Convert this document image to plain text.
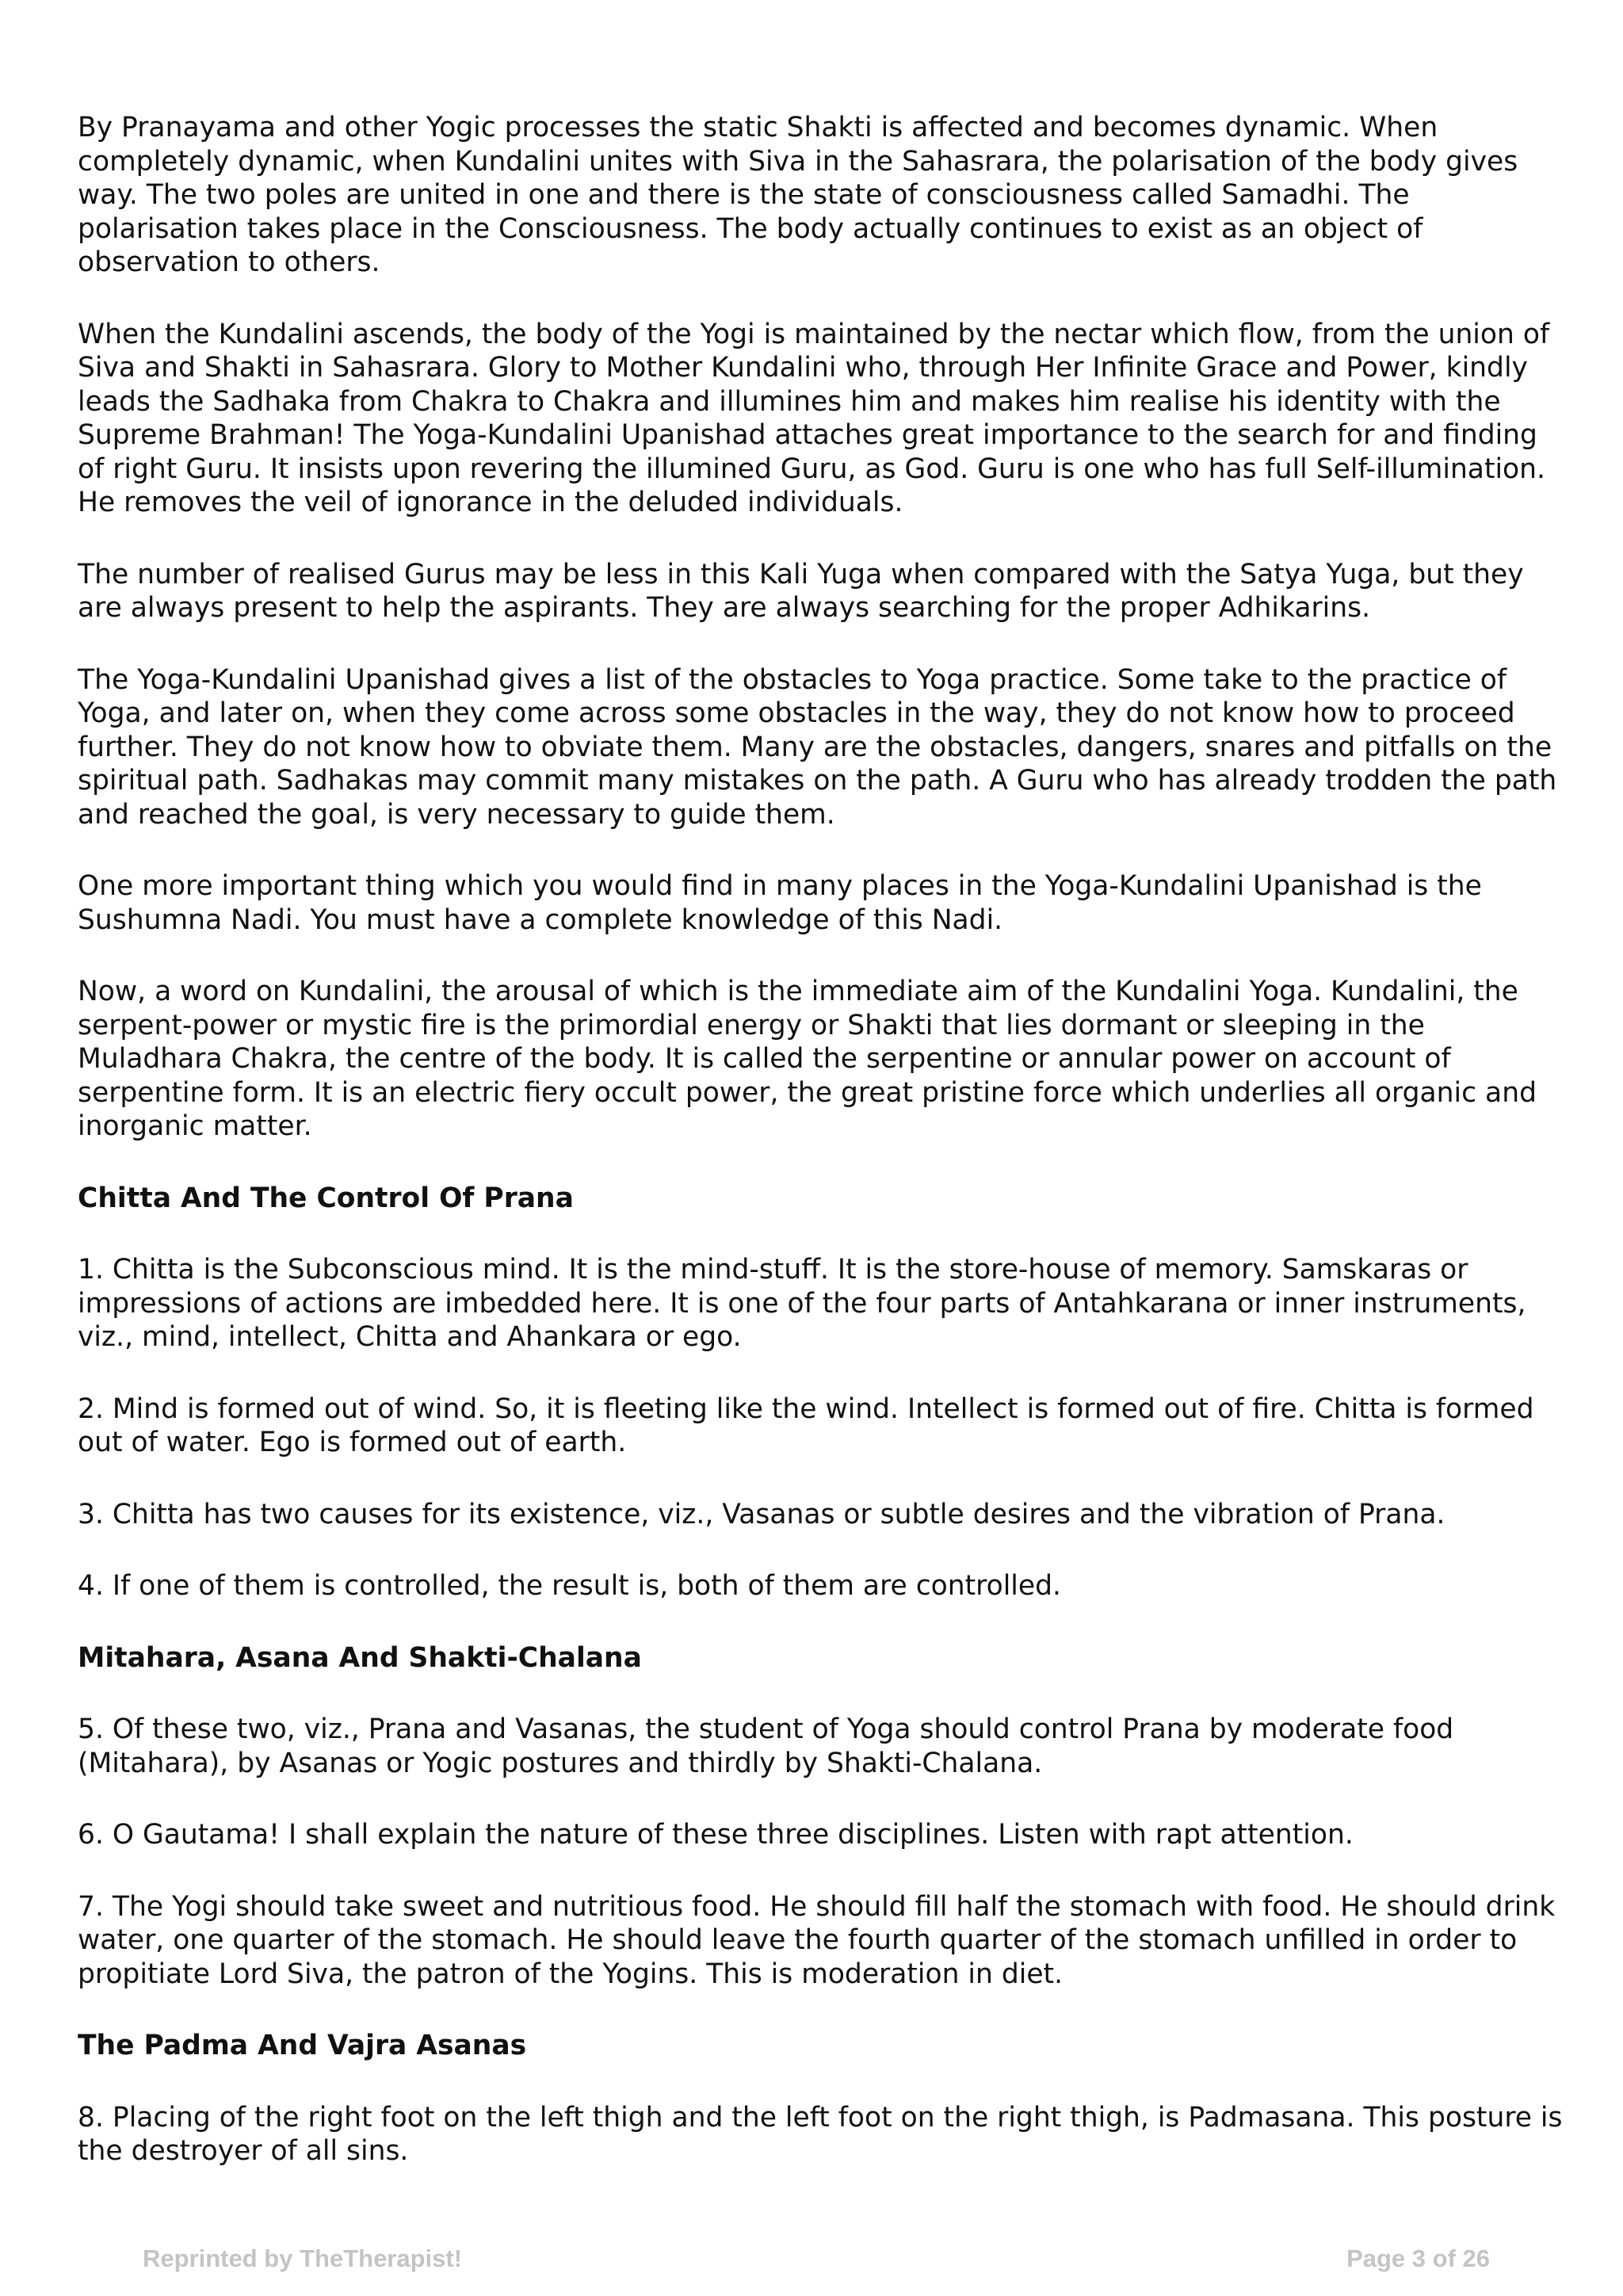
By Pranayama and other Yogic processes the static Shakti is affected and becomes dynamic. When completely dynamic, when Kundalini unites with Siva in the Sahasrara, the polarisation of the body gives way. The two poles are united in one and there is the state of consciousness called Samadhi. The polarisation takes place in the Consciousness. The body actually continues to exist as an object of observation to others.

When the Kundalini ascends, the body of the Yogi is maintained by the nectar which flow, from the union of Siva and Shakti in Sahasrara. Glory to Mother Kundalini who, through Her Infinite Grace and Power, kindly leads the Sadhaka from Chakra to Chakra and illumines him and makes him realise his identity with the Supreme Brahman! The Yoga-Kundalini Upanishad attaches great importance to the search for and finding of right Guru. It insists upon revering the illumined Guru, as God. Guru is one who has full Self-illumination. He removes the veil of ignorance in the deluded individuals.

The number of realised Gurus may be less in this Kali Yuga when compared with the Satya Yuga, but they are always present to help the aspirants. They are always searching for the proper Adhikarins.

The Yoga-Kundalini Upanishad gives a list of the obstacles to Yoga practice. Some take to the practice of Yoga, and later on, when they come across some obstacles in the way, they do not know how to proceed further. They do not know how to obviate them. Many are the obstacles, dangers, snares and pitfalls on the spiritual path. Sadhakas may commit many mistakes on the path. A Guru who has already trodden the path and reached the goal, is very necessary to guide them.

One more important thing which you would find in many places in the Yoga-Kundalini Upanishad is the Sushumna Nadi. You must have a complete knowledge of this Nadi.

Now, a word on Kundalini, the arousal of which is the immediate aim of the Kundalini Yoga. Kundalini, the serpent-power or mystic fire is the primordial energy or Shakti that lies dormant or sleeping in the Muladhara Chakra, the centre of the body. It is called the serpentine or annular power on account of serpentine form. It is an electric fiery occult power, the great pristine force which underlies all organic and inorganic matter.

Chitta And The Control Of Prana

1. Chitta is the Subconscious mind. It is the mind-stuff. It is the store-house of memory. Samskaras or impressions of actions are imbedded here. It is one of the four parts of Antahkarana or inner instruments, viz., mind, intellect, Chitta and Ahankara or ego.

2. Mind is formed out of wind. So, it is fleeting like the wind. Intellect is formed out of fire. Chitta is formed out of water. Ego is formed out of earth.

3. Chitta has two causes for its existence, viz., Vasanas or subtle desires and the vibration of Prana.

4. If one of them is controlled, the result is, both of them are controlled.

Mitahara, Asana And Shakti-Chalana

5. Of these two, viz., Prana and Vasanas, the student of Yoga should control Prana by moderate food (Mitahara), by Asanas or Yogic postures and thirdly by Shakti-Chalana.

6. O Gautama! I shall explain the nature of these three disciplines. Listen with rapt attention.

7. The Yogi should take sweet and nutritious food. He should fill half the stomach with food. He should drink water, one quarter of the stomach. He should leave the fourth quarter of the stomach unfilled in order to propitiate Lord Siva, the patron of the Yogins. This is moderation in diet.

The Padma And Vajra Asanas

8. Placing of the right foot on the left thigh and the left foot on the right thigh, is Padmasana. This posture is the destroyer of all sins.

Reprinted by TheTherapist!	Page 3 of 26
